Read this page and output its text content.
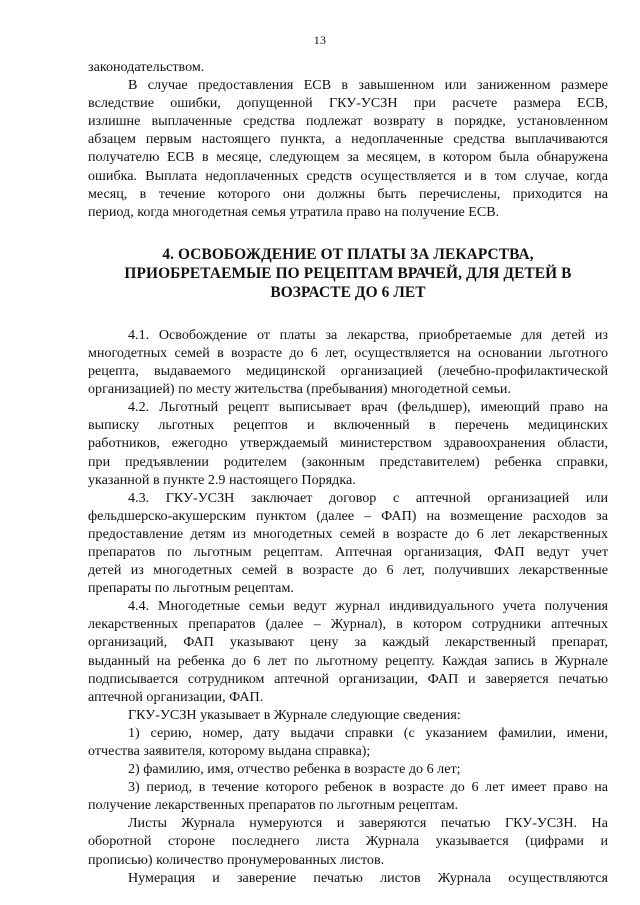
13
законодательством.
В случае предоставления ЕСВ в завышенном или заниженном размере
вследствие ошибки, допущенной ГКУ-УСЗН при расчете размера ЕСВ,
излишне выплаченные средства подлежат возврату в порядке, установленном
абзацем первым настоящего пункта, а недоплаченные средства выплачиваются
получателю ЕСВ в месяце, следующем за месяцем, в котором была обнаружена
ошибка. Выплата недоплаченных средств осуществляется и в том случае, когда
месяц, в течение которого они должны быть перечислены, приходится на
период, когда многодетная семья утратила право на получение ЕСВ.
4. ОСВОБОЖДЕНИЕ ОТ ПЛАТЫ ЗА ЛЕКАРСТВА,
ПРИОБРЕТАЕМЫЕ ПО РЕЦЕПТАМ ВРАЧЕЙ, ДЛЯ ДЕТЕЙ В
ВОЗРАСТЕ ДО 6 ЛЕТ
4.1. Освобождение от платы за лекарства, приобретаемые для детей из
многодетных семей в возрасте до 6 лет, осуществляется на основании льготного
рецепта, выдаваемого медицинской организацией (лечебно-профилактической
организацией) по месту жительства (пребывания) многодетной семьи.
4.2. Льготный рецепт выписывает врач (фельдшер), имеющий право на
выписку льготных рецептов и включенный в перечень медицинских
работников, ежегодно утверждаемый министерством здравоохранения области,
при предъявлении родителем (законным представителем) ребенка справки,
указанной в пункте 2.9 настоящего Порядка.
4.3. ГКУ-УСЗН заключает договор с аптечной организацией или
фельдшерско-акушерским пунктом (далее – ФАП) на возмещение расходов за
предоставление детям из многодетных семей в возрасте до 6 лет лекарственных
препаратов по льготным рецептам. Аптечная организация, ФАП ведут учет
детей из многодетных семей в возрасте до 6 лет, получивших лекарственные
препараты по льготным рецептам.
4.4. Многодетные семьи ведут журнал индивидуального учета получения
лекарственных препаратов (далее – Журнал), в котором сотрудники аптечных
организаций, ФАП указывают цену за каждый лекарственный препарат,
выданный на ребенка до 6 лет по льготному рецепту. Каждая запись в Журнале
подписывается сотрудником аптечной организации, ФАП и заверяется печатью
аптечной организации, ФАП.
ГКУ-УСЗН указывает в Журнале следующие сведения:
1) серию, номер, дату выдачи справки (с указанием фамилии, имени,
отчества заявителя, которому выдана справка);
2) фамилию, имя, отчество ребенка в возрасте до 6 лет;
3) период, в течение которого ребенок в возрасте до 6 лет имеет право на
получение лекарственных препаратов по льготным рецептам.
Листы Журнала нумеруются и заверяются печатью ГКУ-УСЗН. На
оборотной стороне последнего листа Журнала указывается (цифрами и
прописью) количество пронумерованных листов.
Нумерация и заверение печатью листов Журнала осуществляются
